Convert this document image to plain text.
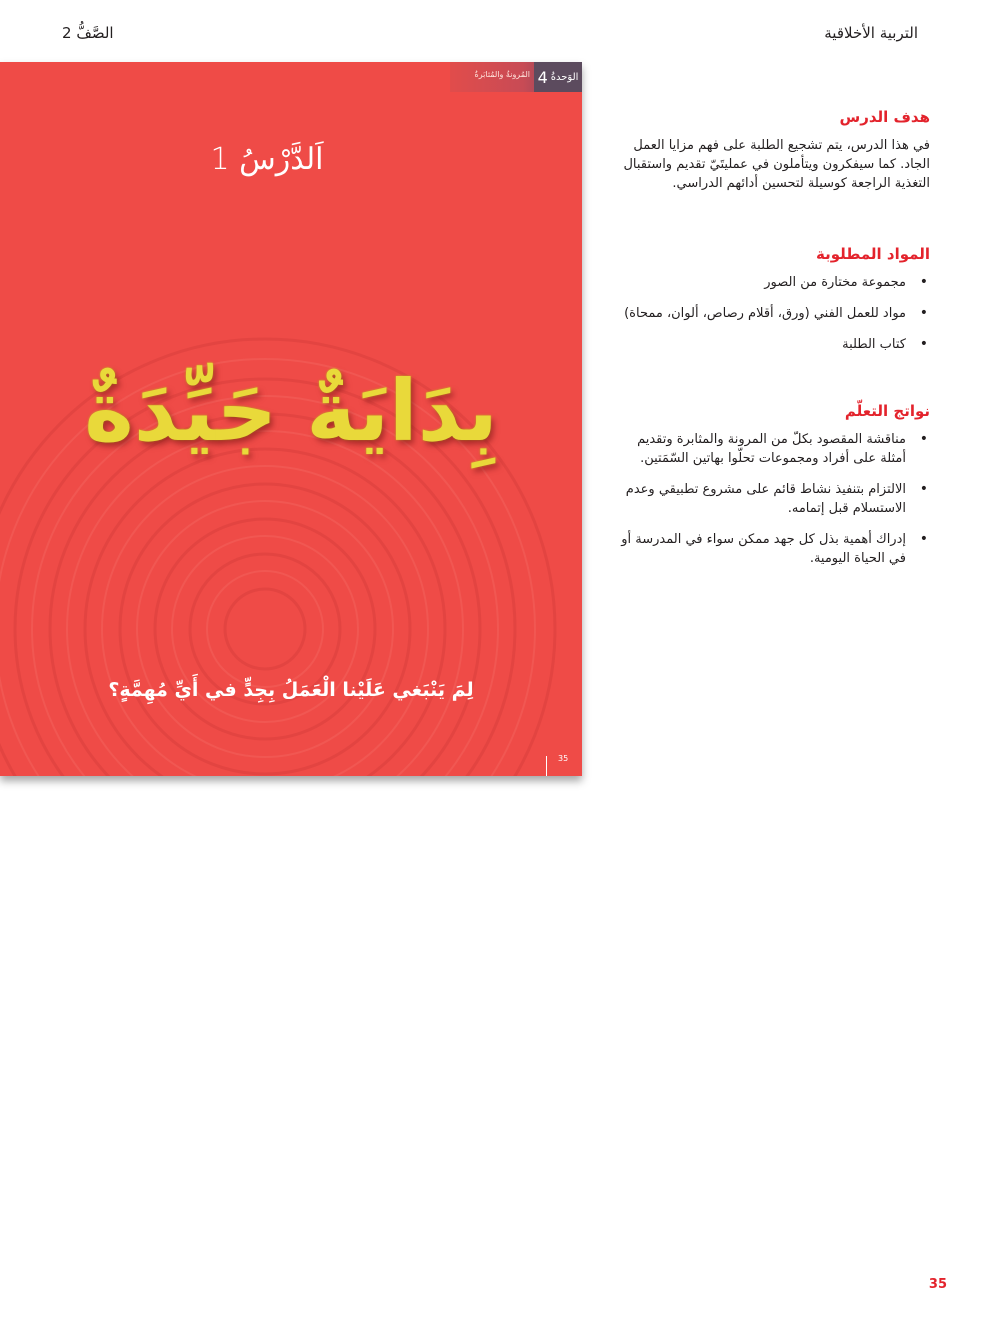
التربية الأخلاقية
الصَّفُّ 2
الوَحدةُ
4
المُرونةُ والمُثابَرةُ
اَلدَّرْسُ 1
بِدَايَةٌ جَيِّدَةٌ
لِمَ يَنْبَغي عَلَيْنا الْعَمَلُ بِجِدٍّ في أَيِّ مُهِمَّةٍ؟
35
هدف الدرس

في هذا الدرس، يتم تشجيع الطلبة على فهم مزايا العمل الجاد. كما سيفكرون ويتأملون في عمليتَيّ تقديم واستقبال التغذية الراجعة كوسيلة لتحسين أدائهم الدراسي.

المواد المطلوبة
• مجموعة مختارة من الصور
• مواد للعمل الفني (ورق، أقلام رصاص، ألوان، ممحاة)
• كتاب الطلبة
نواتج التعلّم
• مناقشة المقصود بكلّ من المرونة والمثابرة وتقديم أمثلة على أفراد ومجموعات تحلّوا بهاتين السّمَتين.
• الالتزام بتنفيذ نشاط قائم على مشروع تطبيقي وعدم الاستسلام قبل إتمامه.
• إدراك أهمية بذل كل جهد ممكن سواء في المدرسة أو في الحياة اليومية.
35
